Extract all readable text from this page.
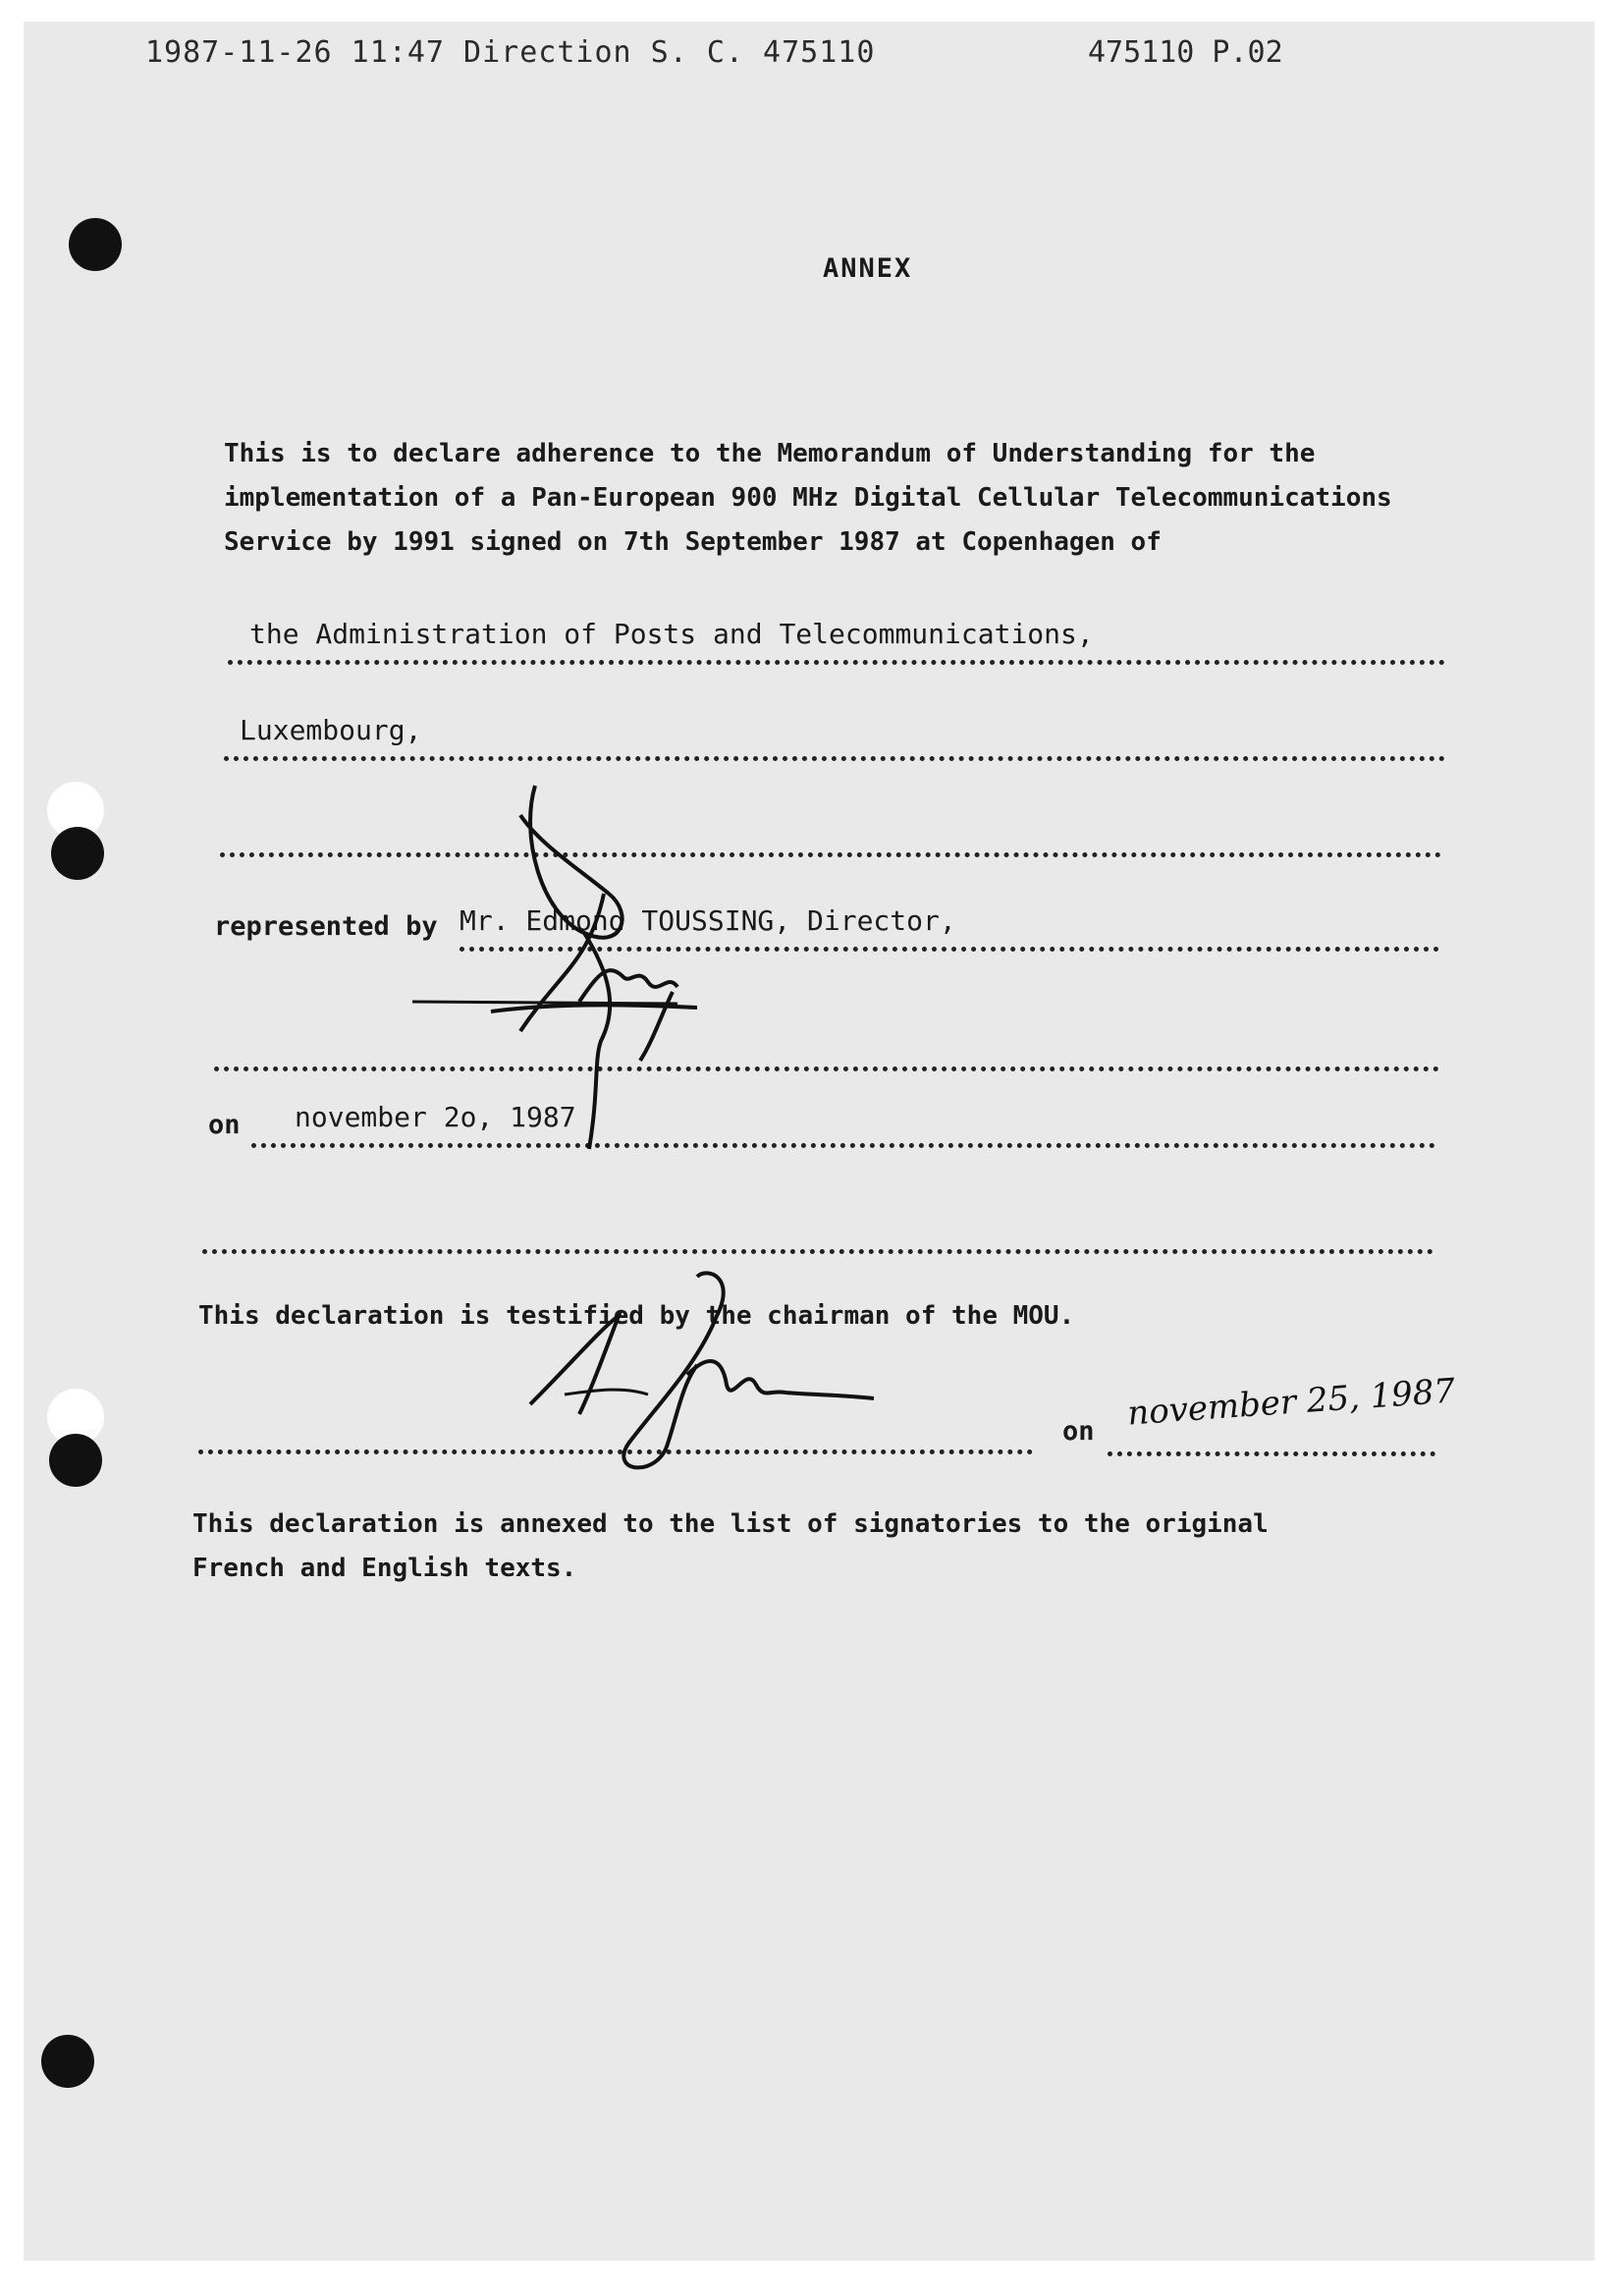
1987-11-26 11:47 Direction S. C. 475110	475110 P.02
ANNEX
This is to declare adherence to the Memorandum of Understanding for the
implementation of a Pan-European 900 MHz Digital Cellular Telecommunications
Service by 1991 signed on 7th September 1987 at Copenhagen of
the Administration of Posts and Telecommunications,
Luxembourg,
represented by Mr. Edmond TOUSSING, Director,
on	november 2o, 1987
This declaration is testified by the chairman of the MOU.
on november 25, 1987
This declaration is annexed to the list of signatories to the original
French and English texts.
